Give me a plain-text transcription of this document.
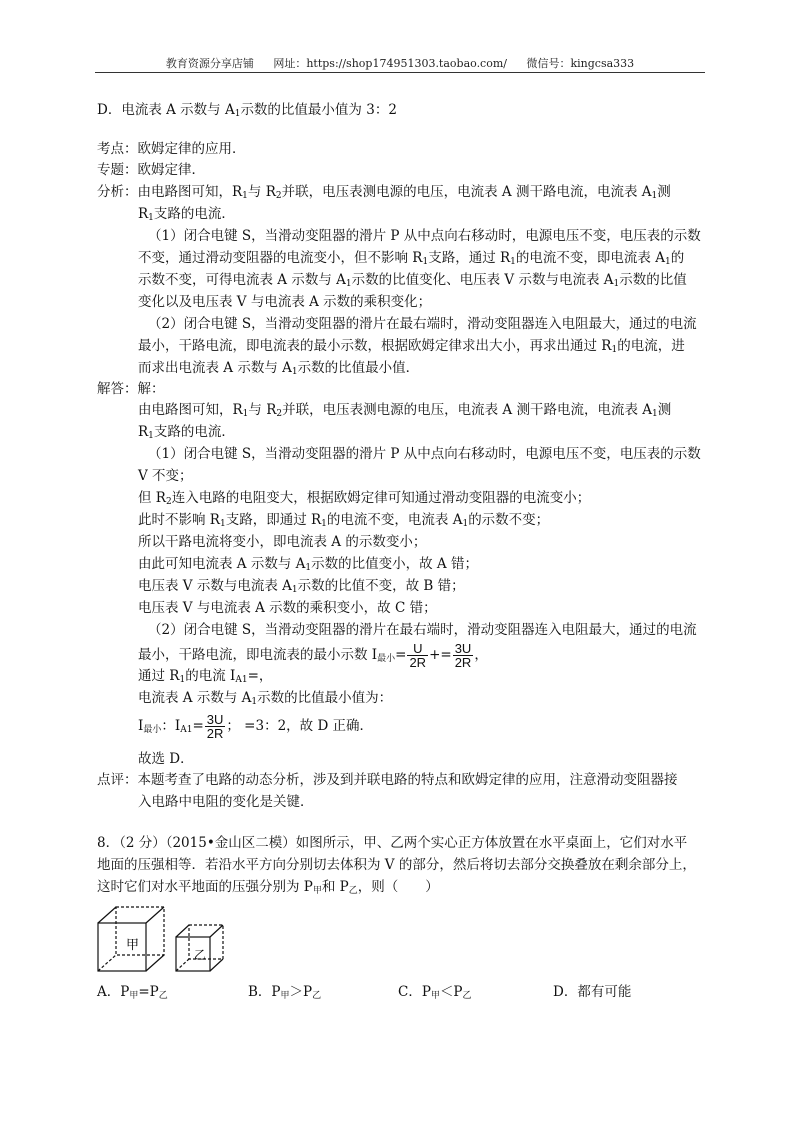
教育资源分享店铺 网址：https://shop174951303.taobao.com/ 微信号：kingcsa333
D．电流表 A 示数与 $A_1$示数的比值最小值为 3：2
考点：欧姆定律的应用．
专题：欧姆定律．
分析：由电路图可知，$R_1$与 $R_2$并联，电压表测电源的电压，电流表 A 测干路电流，电流表 $A_1$测
$R_1$支路的电流．
（1）闭合电键 S，当滑动变阻器的滑片 P 从中点向右移动时，电源电压不变，电压表的示数
不变，通过滑动变阻器的电流变小，但不影响 $R_1$支路，通过 $R_1$的电流不变，即电流表 $A_1$的
示数不变，可得电流表 A 示数与 $A_1$示数的比值变化、电压表 V 示数与电流表 $A_1$示数的比值
变化以及电压表 V 与电流表 A 示数的乘积变化；
（2）闭合电键 S，当滑动变阻器的滑片在最右端时，滑动变阻器连入电阻最大，通过的电流
最小，干路电流，即电流表的最小示数，根据欧姆定律求出大小，再求出通过 $R_1$的电流，进
而求出电流表 A 示数与 $A_1$示数的比值最小值．
解答：解：
由电路图可知，$R_1$与 $R_2$并联，电压表测电源的电压，电流表 A 测干路电流，电流表 $A_1$测
$R_1$支路的电流．
（1）闭合电键 S，当滑动变阻器的滑片 P 从中点向右移动时，电源电压不变，电压表的示数
V 不变；
但 $R_2$连入电路的电阻变大，根据欧姆定律可知通过滑动变阻器的电流变小；
此时不影响 $R_1$支路，即通过 $R_1$的电流不变，电流表 $A_1$的示数不变；
所以干路电流将变小，即电流表 A 的示数变小；
由此可知电流表 A 示数与 $A_1$示数的比值变小，故 A 错；
电压表 V 示数与电流表 $A_1$示数的比值不变，故 B 错；
电压表 V 与电流表 A 示数的乘积变小，故 C 错；
（2）闭合电键 S，当滑动变阻器的滑片在最右端时，滑动变阻器连入电阻最大，通过的电流
最小，干路电流，即电流表的最小示数 $I_{最小}= \frac{U}{2R} += \frac{3U}{2R}$ ，
通过 $R_1$的电流 $I_{A1}=$，
电流表 A 示数与 $A_1$示数的比值最小值为：
$I_{最小}$：$I_{A1}= \frac{3U}{2R}$ ； =3：2，故 D 正确．
故选 D．
点评：本题考查了电路的动态分析，涉及到并联电路的特点和欧姆定律的应用，注意滑动变阻器接
入电路中电阻的变化是关键．
8．（2 分）（2015•金山区二模）如图所示，甲、乙两个实心正方体放置在水平桌面上，它们对水平
地面的压强相等．若沿水平方向分别切去体积为 V 的部分，然后将切去部分交换叠放在剩余部分上，
这时它们对水平地面的压强分别为 $P_甲$和 $P_乙$，则（　　）
甲
乙
A．$P_甲=P_乙$	B．$P_甲>P_乙$	C．$P_甲<P_乙$	D．都有可能
